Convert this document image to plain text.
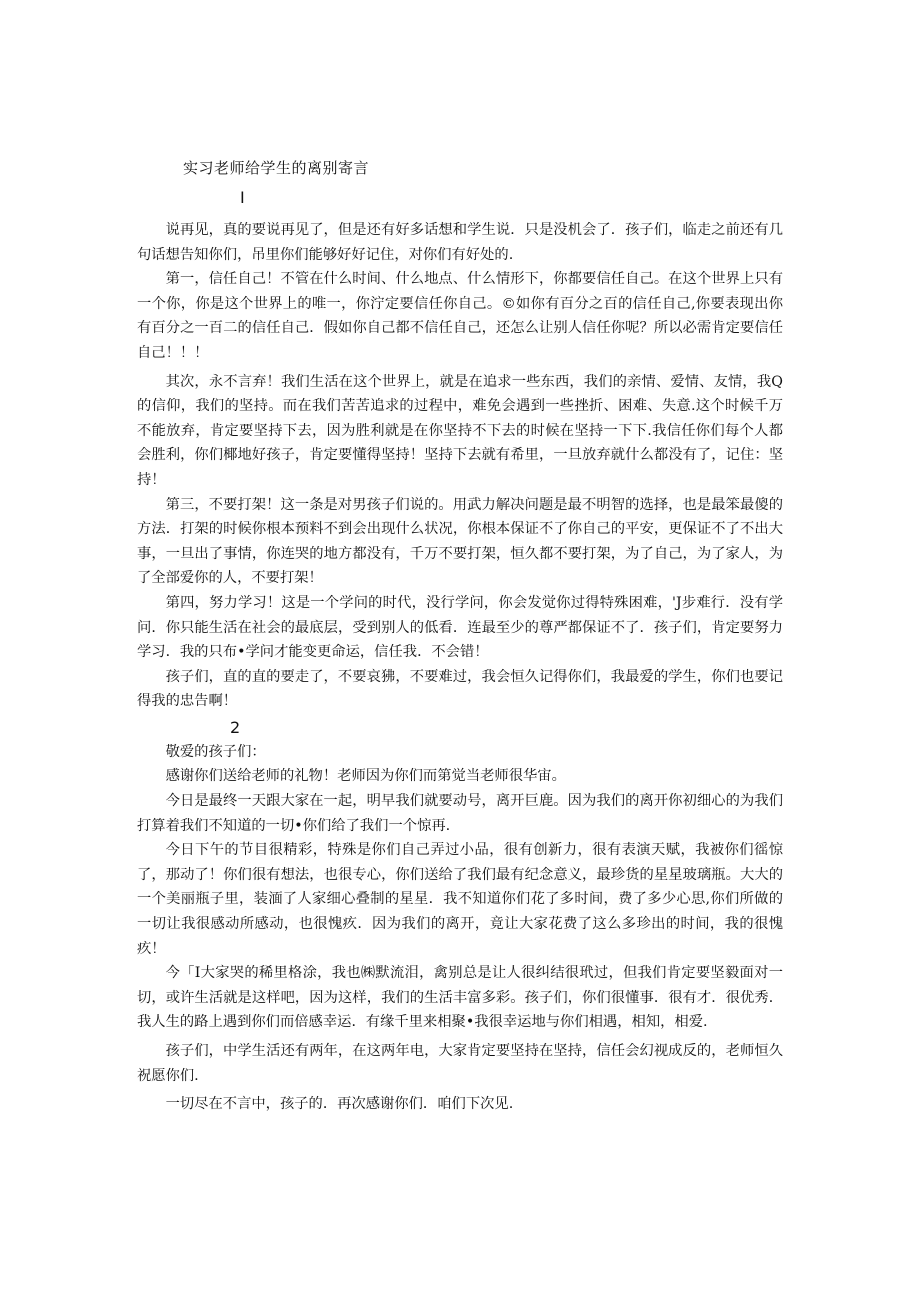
实习老师给学生的离别寄言
I

说再见，真的要说再见了，但是还有好多话想和学生说．只是没机会了．孩子们，临走之前还有几句话想告知你们，吊里你们能够好好记住，对你们有好处的.

第一，信任自己！不管在什么时间、什么地点、什么情形下，你都要信任自己。在这个世界上只有一个你，你是这个世界上的唯一，你泞定要信任你自己。©如你有百分之百的信任自己,你要表现出你有百分之一百二的信任自己．假如你自己都不信任自己，还怎么让别人信任你呢？所以必需肯定要信任自己！！！

其次，永不言弃！我们生活在这个世界上，就是在追求一些东西，我们的亲情、爱情、友情，我Q的信仰，我们的坚持。而在我们苦苦追求的过程中，难免会遇到一些挫折、困难、失意.这个时候千万不能放弃，肯定要坚持下去，因为胜利就是在你坚持不下去的时候在坚持一下下.我信任你们每个人都会胜利，你们椰地好孩子，肯定要懂得坚持！坚持下去就有希里，一旦放弃就什么都没有了，记住：坚持！

第三，不要打架！这一条是对男孩子们说的。用武力解决问题是最不明智的选择，也是最笨最傻的方法．打架的时候你根本预料不到会出现什么状况，你根本保证不了你自己的平安，更保证不了不出大事，一旦出了事情，你连哭的地方都没有，千万不要打架，恒久都不要打架，为了自己，为了家人，为了全部爱你的人，不要打架！

第四，努力学习！这是一个学问的时代，没行学问，你会发觉你过得特殊困难，'J步难行．没有学问．你只能生活在社会的最底层，受到别人的低看．连最至少的尊严都保证不了．孩子们，肯定要努力学习．我的只布•学问才能变更命运，信任我．不会错！

孩子们，直的直的要走了，不要哀狒，不要难过，我会恒久记得你们，我最爱的学生，你们也要记得我的忠告啊！

2

敬爱的孩子们：

感谢你们送给老师的礼物！老师因为你们而第觉当老师很华宙。

今日是最终一天跟大家在一起，明早我们就要动号，离开巨鹿。因为我们的离开你初细心的为我们打算着我们不知道的一切•你们给了我们一个惊再.

今日下午的节目很精彩，特殊是你们自己弄过小品，很有创新力，很有表演天赋，我被你们徭惊了，那动了！你们很有想法，也很专心，你们送给了我们最有纪念意义，最珍货的星星玻璃瓶。大大的一个美丽瓶子里，装湎了人家细心叠制的星星．我不知道你们花了多时间，费了多少心思,你们所做的一切让我很感动所感动，也很愧疚．因为我们的离开，竟让大家花费了这么多珍出的时间，我的很愧疚！

今「I大家哭的稀里格涂，我也㈱默流泪，禽别总是让人很纠结很玳过，但我们肯定要坚毅面对一切，或许生活就是这样吧，因为这样，我们的生活丰富多彩。孩子们，你们很懂事．很有才．很优秀．我人生的路上遇到你们而倍感幸运．有缘千里来相聚•我很幸运地与你们相遇，相知，相爱.

孩子们，中学生活还有两年，在这两年电，大家肯定要坚持在坚持，信任会幻视成反的，老师恒久祝愿你们.

一切尽在不言中，孩子的．再次感谢你们．咱们下次见.
